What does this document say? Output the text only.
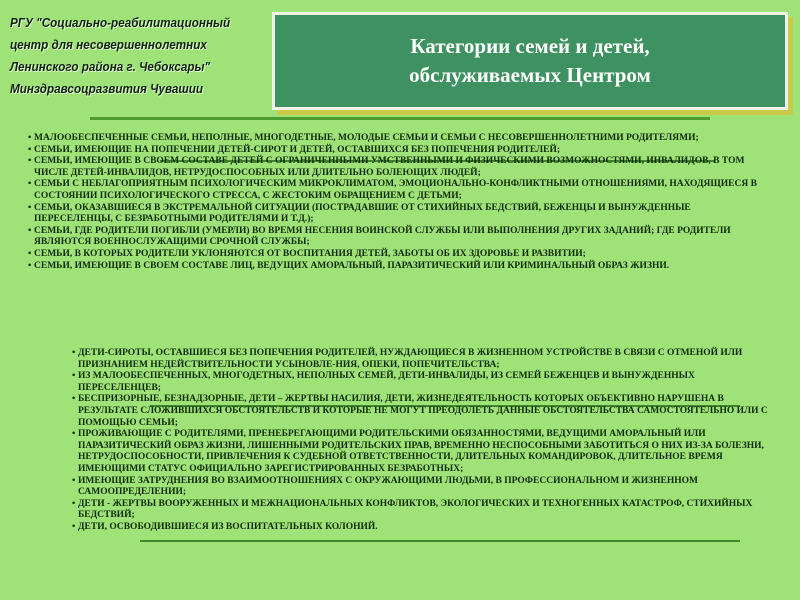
РГУ "Социально-реабилитационный
центр для несовершеннолетних
Ленинского района г. Чебоксары"
Минздравсоцразвития Чувашии
Категории семей и детей,
обслуживаемых Центром
• МАЛООБЕСПЕЧЕННЫЕ СЕМЬИ, НЕПОЛНЫЕ, МНОГОДЕТНЫЕ, МОЛОДЫЕ СЕМЬИ И СЕМЬИ С НЕСОВЕРШЕННОЛЕТНИМИ РОДИТЕЛЯМИ;
• СЕМЬИ, ИМЕЮЩИЕ НА ПОПЕЧЕНИИ ДЕТЕЙ-СИРОТ И ДЕТЕЙ, ОСТАВШИХСЯ БЕЗ ПОПЕЧЕНИЯ РОДИТЕЛЕЙ;
• СЕМЬИ, ИМЕЮЩИЕ В СВОЕМ СОСТАВЕ ДЕТЕЙ С ОГРАНИЧЕННЫМИ УМСТВЕННЫМИ И ФИЗИЧЕСКИМИ ВОЗМОЖНОСТЯМИ, ИНВАЛИДОВ, В ТОМ ЧИСЛЕ ДЕТЕЙ-ИНВАЛИДОВ, НЕТРУДОСПОСОБНЫХ ИЛИ ДЛИТЕЛЬНО БОЛЕЮЩИХ ЛЮДЕЙ;
• СЕМЬИ С НЕБЛАГОПРИЯТНЫМ ПСИХОЛОГИЧЕСКИМ МИКРОКЛИМАТОМ, ЭМОЦИОНАЛЬНО-КОНФЛИКТНЫМИ ОТНОШЕНИЯМИ, НАХОДЯЩИЕСЯ В СОСТОЯНИИ ПСИХОЛОГИЧЕСКОГО СТРЕССА, С ЖЕСТОКИМ ОБРАЩЕНИЕМ С ДЕТЬМИ;
• СЕМЬИ, ОКАЗАВШИЕСЯ В ЭКСТРЕМАЛЬНОЙ СИТУАЦИИ (ПОСТРАДАВШИЕ ОТ СТИХИЙНЫХ БЕДСТВИЙ, БЕЖЕНЦЫ И ВЫНУЖДЕННЫЕ ПЕРЕСЕЛЕНЦЫ, С БЕЗРАБОТНЫМИ РОДИТЕЛЯМИ И Т.Д.);
• СЕМЬИ, ГДЕ РОДИТЕЛИ ПОГИБЛИ (УМЕРЛИ) ВО ВРЕМЯ НЕСЕНИЯ ВОИНСКОЙ СЛУЖБЫ ИЛИ ВЫПОЛНЕНИЯ ДРУГИХ ЗАДАНИЙ; ГДЕ РОДИТЕЛИ ЯВЛЯЮТСЯ ВОЕННОСЛУЖАЩИМИ СРОЧНОЙ СЛУЖБЫ;
• СЕМЬИ, В КОТОРЫХ РОДИТЕЛИ УКЛОНЯЮТСЯ ОТ ВОСПИТАНИЯ ДЕТЕЙ, ЗАБОТЫ ОБ ИХ ЗДОРОВЬЕ И РАЗВИТИИ;
• СЕМЬИ, ИМЕЮЩИЕ В СВОЕМ СОСТАВЕ ЛИЦ, ВЕДУЩИХ АМОРАЛЬНЫЙ, ПАРАЗИТИЧЕСКИЙ ИЛИ КРИМИНАЛЬНЫЙ ОБРАЗ ЖИЗНИ.
• ДЕТИ-СИРОТЫ, ОСТАВШИЕСЯ БЕЗ ПОПЕЧЕНИЯ РОДИТЕЛЕЙ, НУЖДАЮЩИЕСЯ В ЖИЗНЕННОМ УСТРОЙСТВЕ В СВЯЗИ С ОТМЕНОЙ ИЛИ ПРИЗНАНИЕМ НЕДЕЙСТВИТЕЛЬНОСТИ УСЫНОВЛЕ-НИЯ, ОПЕКИ, ПОПЕЧИТЕЛЬСТВА;
• ИЗ МАЛООБЕСПЕЧЕННЫХ, МНОГОДЕТНЫХ, НЕПОЛНЫХ СЕМЕЙ, ДЕТИ-ИНВАЛИДЫ, ИЗ СЕМЕЙ БЕЖЕНЦЕВ И ВЫНУЖДЕННЫХ ПЕРЕСЕЛЕНЦЕВ;
• БЕСПРИЗОРНЫЕ, БЕЗНАДЗОРНЫЕ, ДЕТИ – ЖЕРТВЫ НАСИЛИЯ, ДЕТИ, ЖИЗНЕДЕЯТЕЛЬНОСТЬ КОТОРЫХ ОБЪЕКТИВНО НАРУШЕНА В РЕЗУЛЬТАТЕ СЛОЖИВШИХСЯ ОБСТОЯТЕЛЬСТВ И КОТОРЫЕ НЕ МОГУТ ПРЕОДОЛЕТЬ ДАННЫЕ ОБСТОЯТЕЛЬСТВА САМОСТОЯТЕЛЬНО ИЛИ С ПОМОЩЬЮ СЕМЬИ;
• ПРОЖИВАЮЩИЕ С РОДИТЕЛЯМИ, ПРЕНЕБРЕГАЮЩИМИ РОДИТЕЛЬСКИМИ ОБЯЗАННОСТЯМИ, ВЕДУЩИМИ АМОРАЛЬНЫЙ ИЛИ ПАРАЗИТИЧЕСКИЙ ОБРАЗ ЖИЗНИ, ЛИШЕННЫМИ РОДИТЕЛЬСКИХ ПРАВ, ВРЕМЕННО НЕСПОСОБНЫМИ ЗАБОТИТЬСЯ О НИХ ИЗ-ЗА БОЛЕЗНИ, НЕТРУДОСПОСОБНОСТИ, ПРИВЛЕЧЕНИЯ К СУДЕБНОЙ ОТВЕТСТВЕННОСТИ, ДЛИТЕЛЬНЫХ КОМАНДИРОВОК, ДЛИТЕЛЬНОЕ ВРЕМЯ ИМЕЮЩИМИ СТАТУС ОФИЦИАЛЬНО ЗАРЕГИСТРИРОВАННЫХ БЕЗРАБОТНЫХ;
• ИМЕЮЩИЕ ЗАТРУДНЕНИЯ ВО ВЗАИМООТНОШЕНИЯХ С ОКРУЖАЮЩИМИ ЛЮДЬМИ, В ПРОФЕССИОНАЛЬНОМ И ЖИЗНЕННОМ САМООПРЕДЕЛЕНИИ;
• ДЕТИ - ЖЕРТВЫ ВООРУЖЕННЫХ И МЕЖНАЦИОНАЛЬНЫХ КОНФЛИКТОВ, ЭКОЛОГИЧЕСКИХ И ТЕХНОГЕННЫХ КАТАСТРОФ, СТИХИЙНЫХ БЕДСТВИЙ;
• ДЕТИ, ОСВОБОДИВШИЕСЯ ИЗ ВОСПИТАТЕЛЬНЫХ КОЛОНИЙ.
